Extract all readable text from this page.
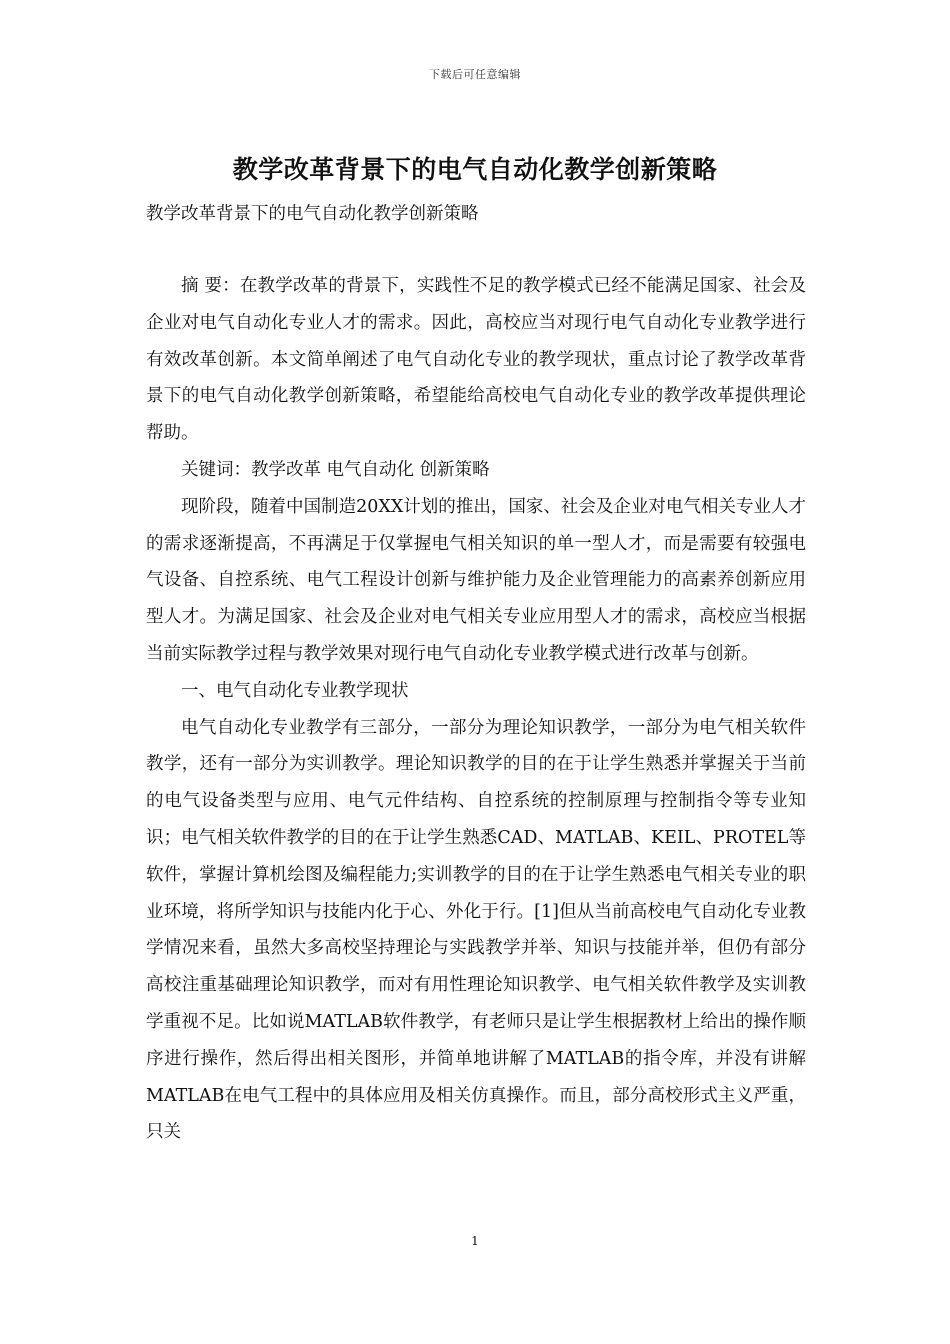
下载后可任意编辑
教学改革背景下的电气自动化教学创新策略
教学改革背景下的电气自动化教学创新策略

摘 要：在教学改革的背景下，实践性不足的教学模式已经不能满足国家、社会及企业对电气自动化专业人才的需求。因此，高校应当对现行电气自动化专业教学进行有效改革创新。本文简单阐述了电气自动化专业的教学现状，重点讨论了教学改革背景下的电气自动化教学创新策略，希望能给高校电气自动化专业的教学改革提供理论帮助。

关键词：教学改革 电气自动化 创新策略

现阶段，随着中国制造20XX计划的推出，国家、社会及企业对电气相关专业人才的需求逐渐提高，不再满足于仅掌握电气相关知识的单一型人才，而是需要有较强电气设备、自控系统、电气工程设计创新与维护能力及企业管理能力的高素养创新应用型人才。为满足国家、社会及企业对电气相关专业应用型人才的需求，高校应当根据当前实际教学过程与教学效果对现行电气自动化专业教学模式进行改革与创新。

一、电气自动化专业教学现状

电气自动化专业教学有三部分，一部分为理论知识教学，一部分为电气相关软件教学，还有一部分为实训教学。理论知识教学的目的在于让学生熟悉并掌握关于当前的电气设备类型与应用、电气元件结构、自控系统的控制原理与控制指令等专业知识；电气相关软件教学的目的在于让学生熟悉CAD、MATLAB、KEIL、PROTEL等软件，掌握计算机绘图及编程能力;实训教学的目的在于让学生熟悉电气相关专业的职业环境，将所学知识与技能内化于心、外化于行。[1]但从当前高校电气自动化专业教学情况来看，虽然大多高校坚持理论与实践教学并举、知识与技能并举，但仍有部分高校注重基础理论知识教学，而对有用性理论知识教学、电气相关软件教学及实训教学重视不足。比如说MATLAB软件教学，有老师只是让学生根据教材上给出的操作顺序进行操作，然后得出相关图形，并简单地讲解了MATLAB的指令库，并没有讲解MATLAB在电气工程中的具体应用及相关仿真操作。而且，部分高校形式主义严重，只关

1
